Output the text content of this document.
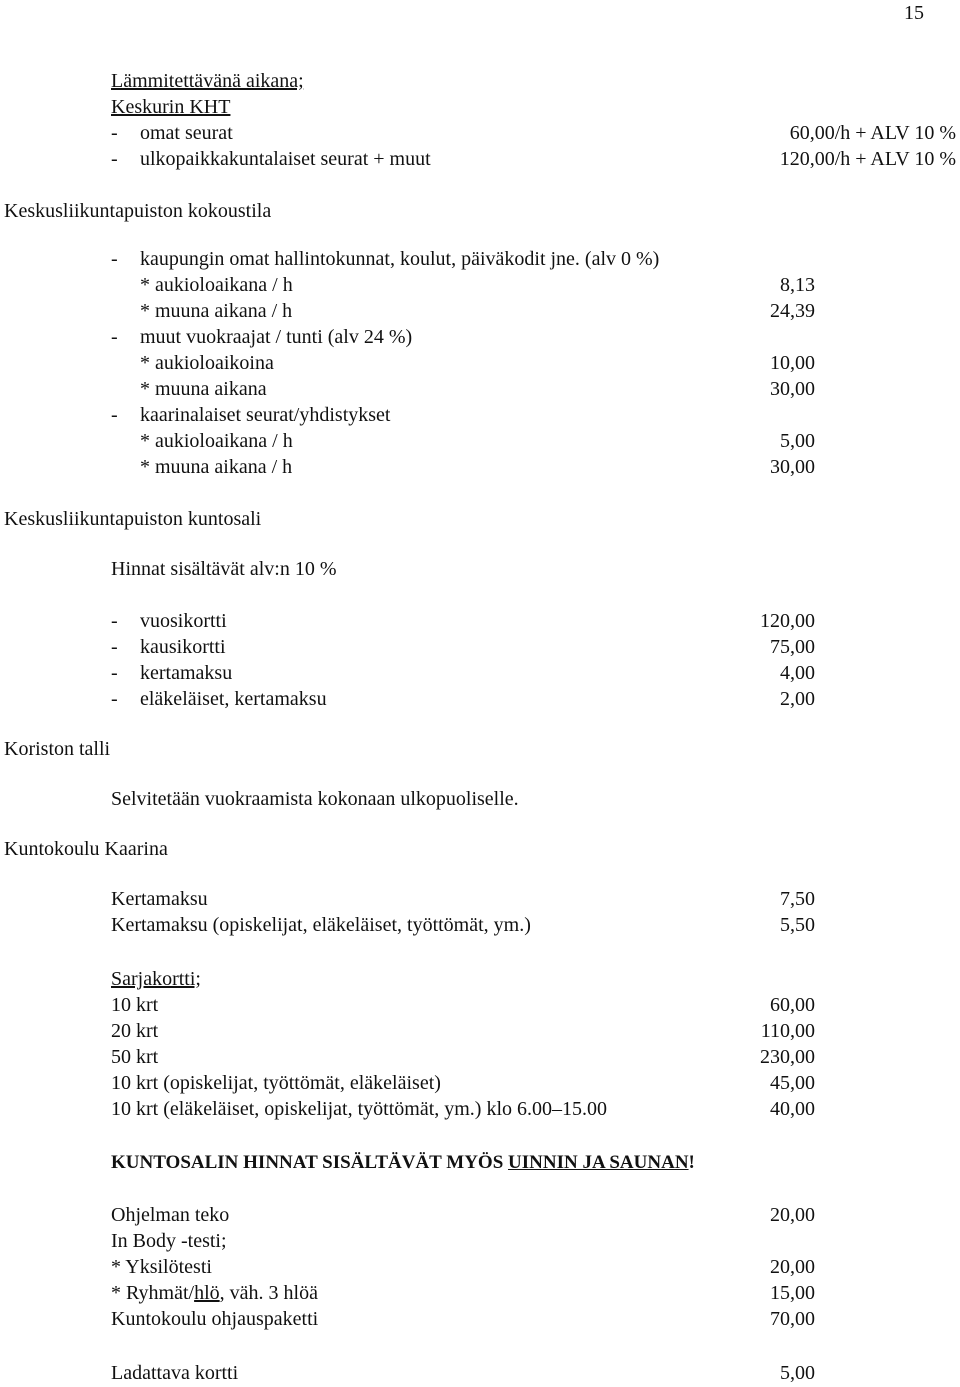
15
Lämmitettävänä aikana;
Keskurin KHT
- omat seurat	60,00/h + ALV 10 %
- ulkopaikkakuntalaiset seurat + muut	120,00/h + ALV 10 %
Keskusliikuntapuiston kokoustila
- kaupungin omat hallintokunnat, koulut, päiväkodit jne. (alv 0 %)
* aukioloaikana / h	8,13
* muuna aikana / h	24,39
- muut vuokraajat / tunti (alv 24 %)
* aukioloaikoina	10,00
* muuna aikana	30,00
- kaarinalaiset seurat/yhdistykset
* aukioloaikana / h	5,00
* muuna aikana / h	30,00
Keskusliikuntapuiston kuntosali
Hinnat sisältävät alv:n 10 %
- vuosikortti	120,00
- kausikortti	75,00
- kertamaksu	4,00
- eläkeläiset, kertamaksu	2,00
Koriston talli
Selvitetään vuokraamista kokonaan ulkopuoliselle.
Kuntokoulu Kaarina
Kertamaksu	7,50
Kertamaksu (opiskelijat, eläkeläiset, työttömät, ym.)	5,50
Sarjakortti;
10 krt	60,00
20 krt	110,00
50 krt	230,00
10 krt (opiskelijat, työttömät, eläkeläiset)	45,00
10 krt (eläkeläiset, opiskelijat, työttömät, ym.) klo 6.00–15.00	40,00
KUNTOSALIN HINNAT SISÄLTÄVÄT MYÖS UINNIN JA SAUNAN!
Ohjelman teko	20,00
In Body -testi;
* Yksilötesti	20,00
* Ryhmät/hlö, väh. 3 hlöä	15,00
Kuntokoulu ohjauspaketti	70,00
Ladattava kortti	5,00
